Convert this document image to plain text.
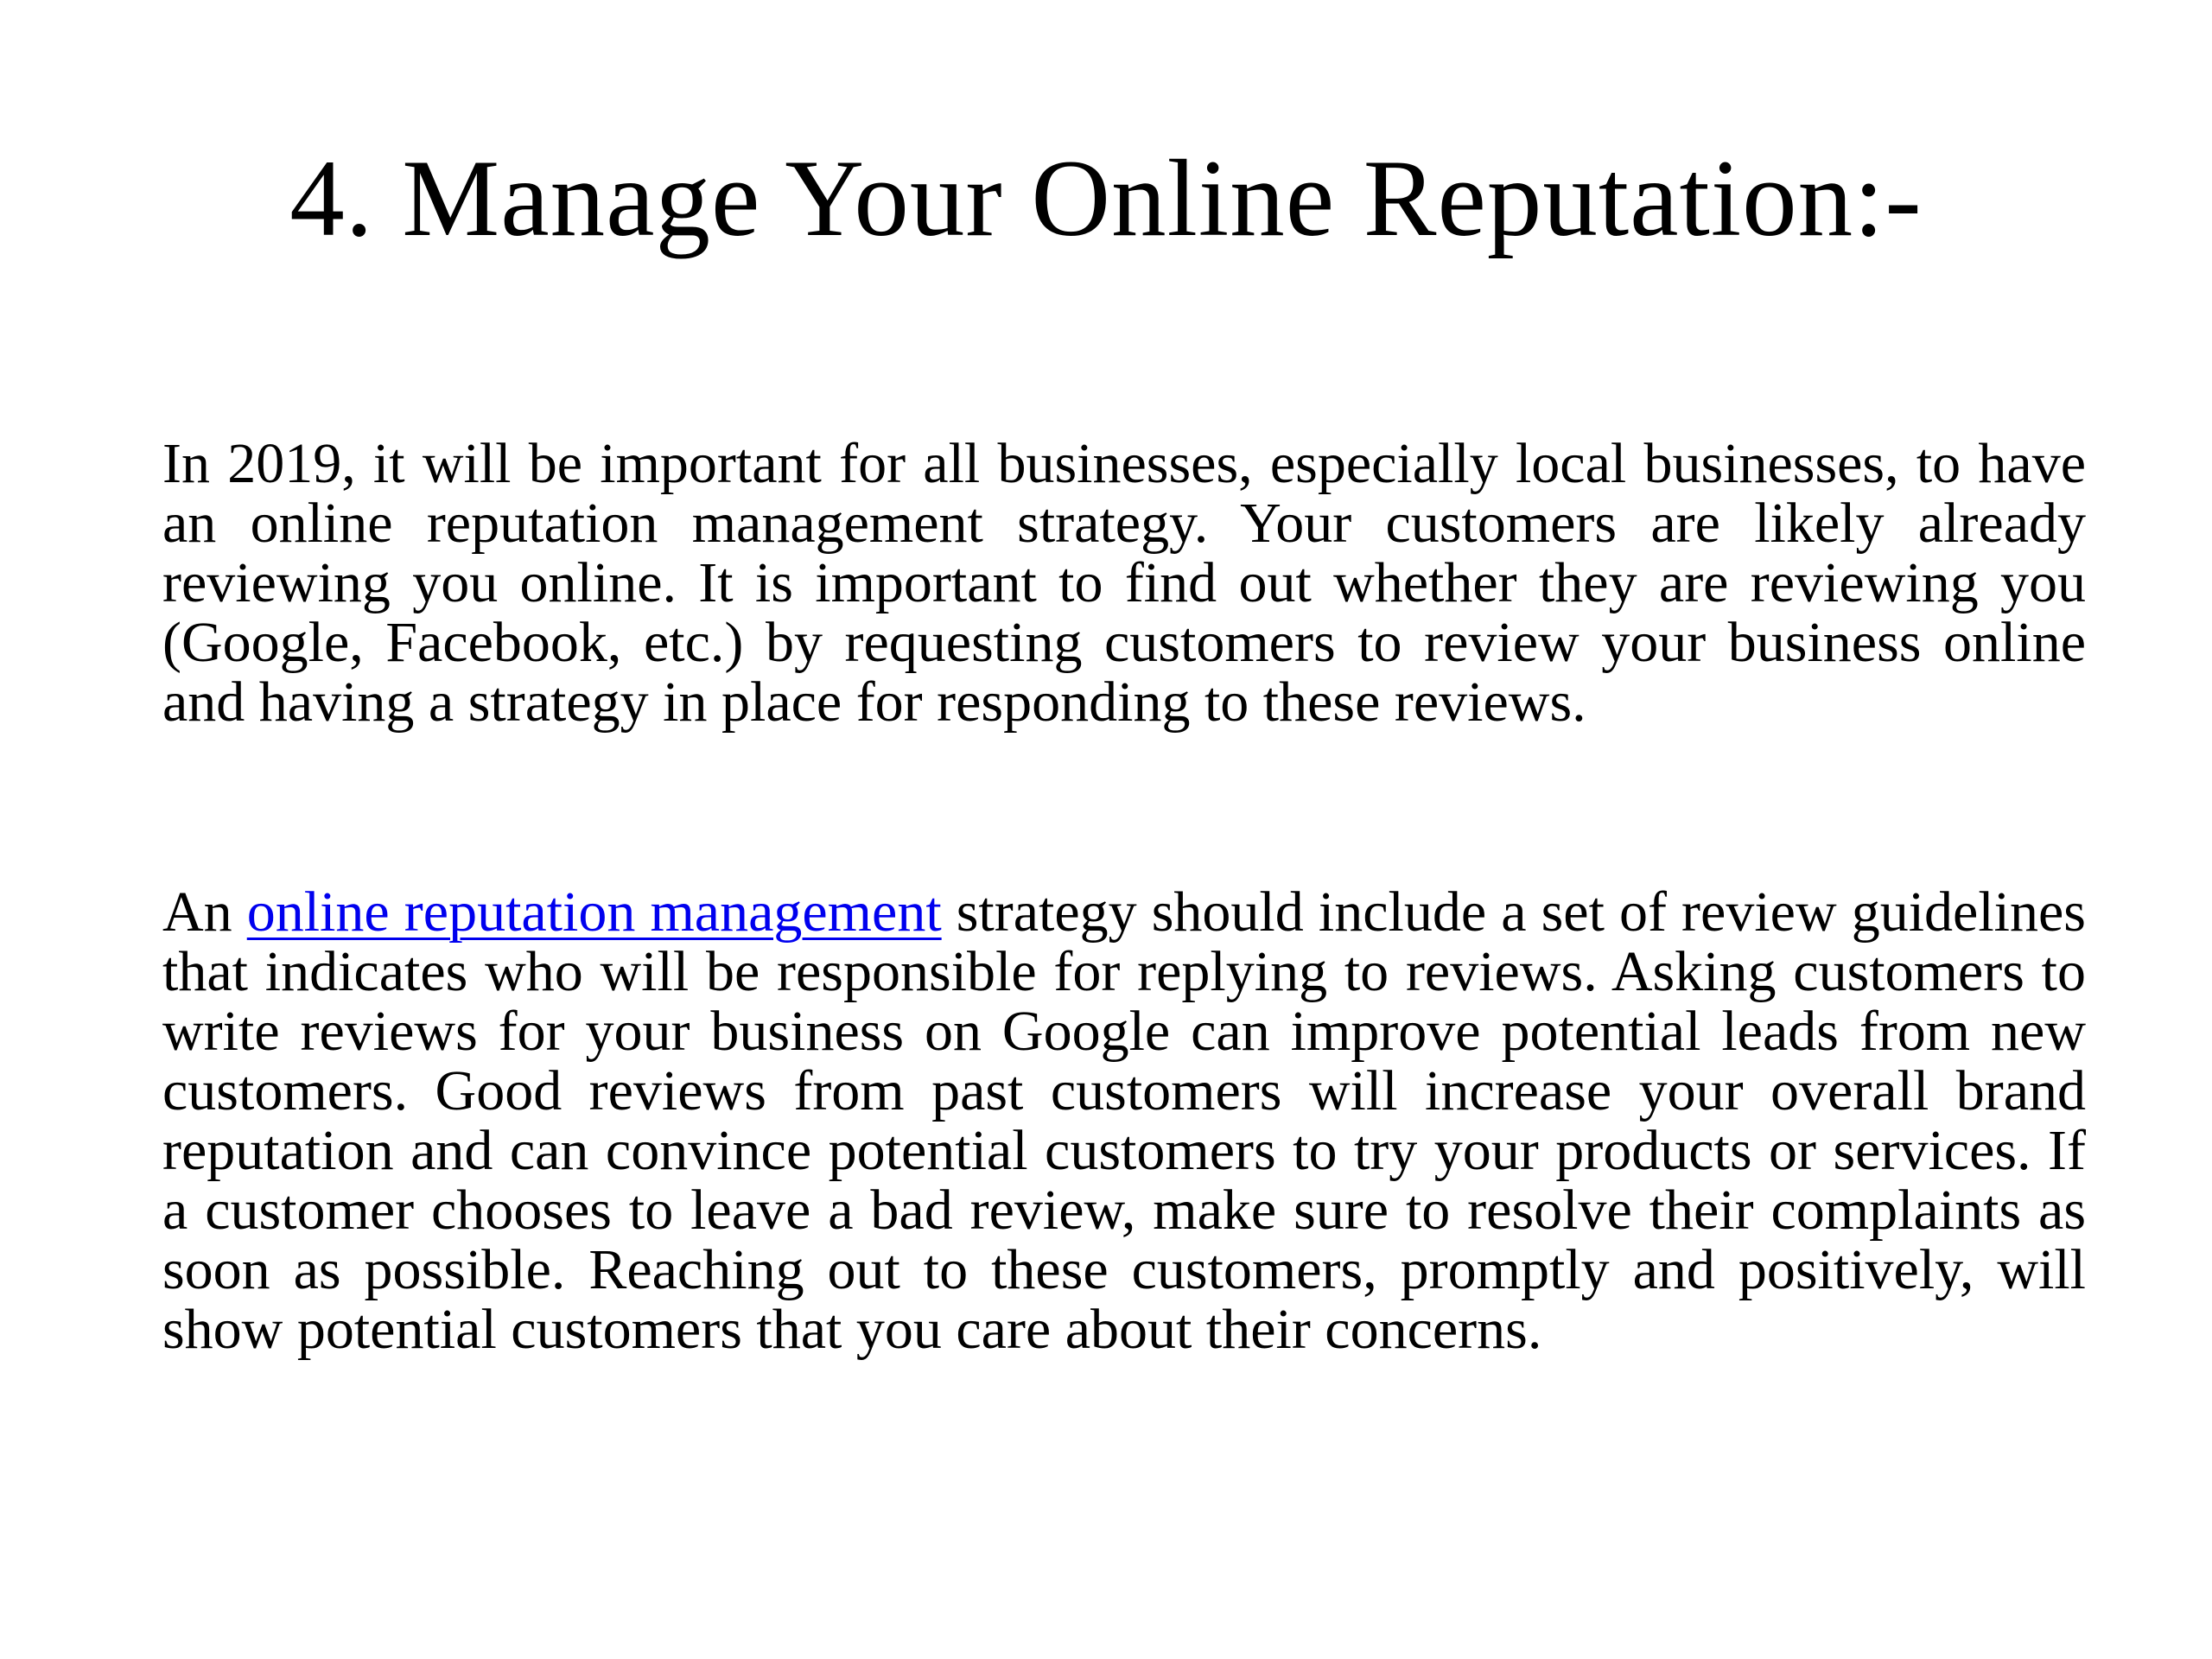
4. Manage Your Online Reputation:-

In 2019, it will be important for all businesses, especially local businesses, to have an online reputation management strategy. Your customers are likely already reviewing you online. It is important to find out whether they are reviewing you (Google, Facebook, etc.) by requesting customers to review your business online and having a strategy in place for responding to these reviews.

An online reputation management strategy should include a set of review guidelines that indicates who will be responsible for replying to reviews. Asking customers to write reviews for your business on Google can improve potential leads from new customers. Good reviews from past customers will increase your overall brand reputation and can convince potential customers to try your products or services. If a customer chooses to leave a bad review, make sure to resolve their complaints as soon as possible. Reaching out to these customers, promptly and positively, will show potential customers that you care about their concerns.
